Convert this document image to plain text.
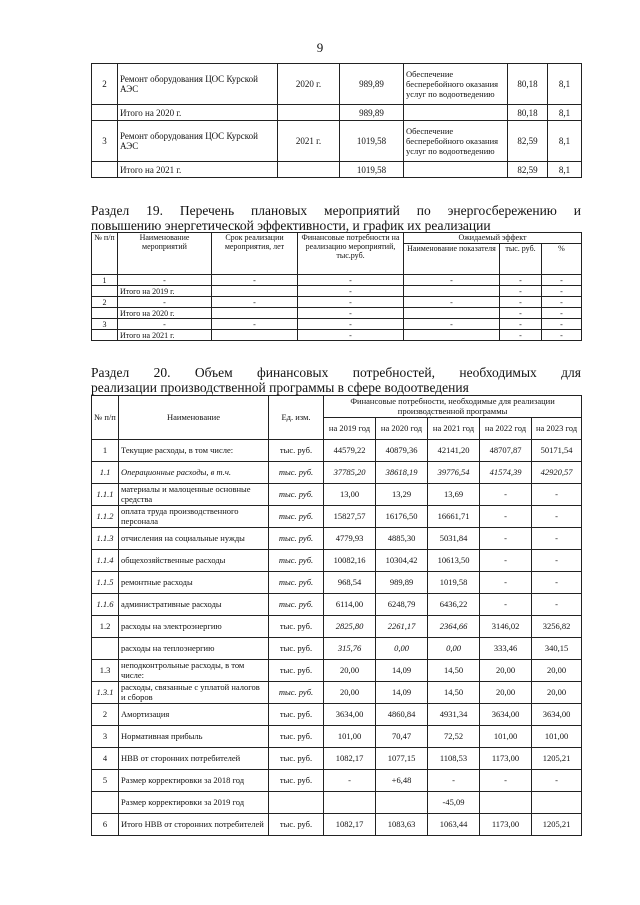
9
2	Ремонт оборудования ЦОС Курской АЭС	2020 г.	989,89	Обеспечение бесперебойного оказания услуг по водоотведению	80,18	8,1
	Итого на 2020 г.		989,89		80,18	8,1
3	Ремонт оборудования ЦОС Курской АЭС	2021 г.	1019,58	Обеспечение бесперебойного оказания услуг по водоотведению	82,59	8,1
	Итого на 2021 г.		1019,58		82,59	8,1
Раздел 19. Перечень плановых мероприятий по энергосбережению и
повышению энергетической эффективности, и график их реализации
№ п/п	Наименование мероприятий	Срок реализации мероприятия, лет	Финансовые потребности на реализацию мероприятий, тыс.руб.	Ожидаемый эффект		
				Наименование показателя	тыс. руб.	%
1	-	-	-	-	-	-
	Итого на 2019 г.		-		-	-
2	-	-	-	-	-	-
	Итого на 2020 г.		-		-	-
3	-	-	-	-	-	-
	Итого на 2021 г.		-		-	-
Раздел 20. Объем финансовых потребностей, необходимых для
реализации производственной программы в сфере водоотведения
№ п/п	Наименование	Ед. изм.	Финансовые потребности, необходимые для реализации производственной программы				
			на 2019 год	на 2020 год	на 2021 год	на 2022 год	на 2023 год
1	Текущие расходы, в том числе:	тыс. руб.	44579,22	40879,36	42141,20	48707,87	50171,54
1.1	Операционные расходы, в т.ч.	тыс. руб.	37785,20	38618,19	39776,54	41574,39	42920,57
1.1.1	материалы и малоценные основные средства	тыс. руб.	13,00	13,29	13,69	-	-
1.1.2	оплата труда производственного персонала	тыс. руб.	15827,57	16176,50	16661,71	-	-
1.1.3	отчисления на социальные нужды	тыс. руб.	4779,93	4885,30	5031,84	-	-
1.1.4	общехозяйственные расходы	тыс. руб.	10082,16	10304,42	10613,50	-	-
1.1.5	ремонтные расходы	тыс. руб.	968,54	989,89	1019,58	-	-
1.1.6	административные расходы	тыс. руб.	6114,00	6248,79	6436,22	-	-
1.2	расходы на электроэнергию	тыс. руб.	2825,80	2261,17	2364,66	3146,02	3256,82
	расходы на теплоэнергию	тыс. руб.	315,76	0,00	0,00	333,46	340,15
1.3	неподконтрольные расходы, в том числе:	тыс. руб.	20,00	14,09	14,50	20,00	20,00
1.3.1	расходы, связанные с уплатой налогов и сборов	тыс. руб.	20,00	14,09	14,50	20,00	20,00
2	Амортизация	тыс. руб.	3634,00	4860,84	4931,34	3634,00	3634,00
3	Нормативная прибыль	тыс. руб.	101,00	70,47	72,52	101,00	101,00
4	НВВ от сторонних потребителей	тыс. руб.	1082,17	1077,15	1108,53	1173,00	1205,21
5	Размер корректировки за 2018 год	тыс. руб.	-	+6,48	-	-	-
	Размер корректировки за 2019 год				-45,09		
6	Итого НВВ от сторонних потребителей	тыс. руб.	1082,17	1083,63	1063,44	1173,00	1205,21
